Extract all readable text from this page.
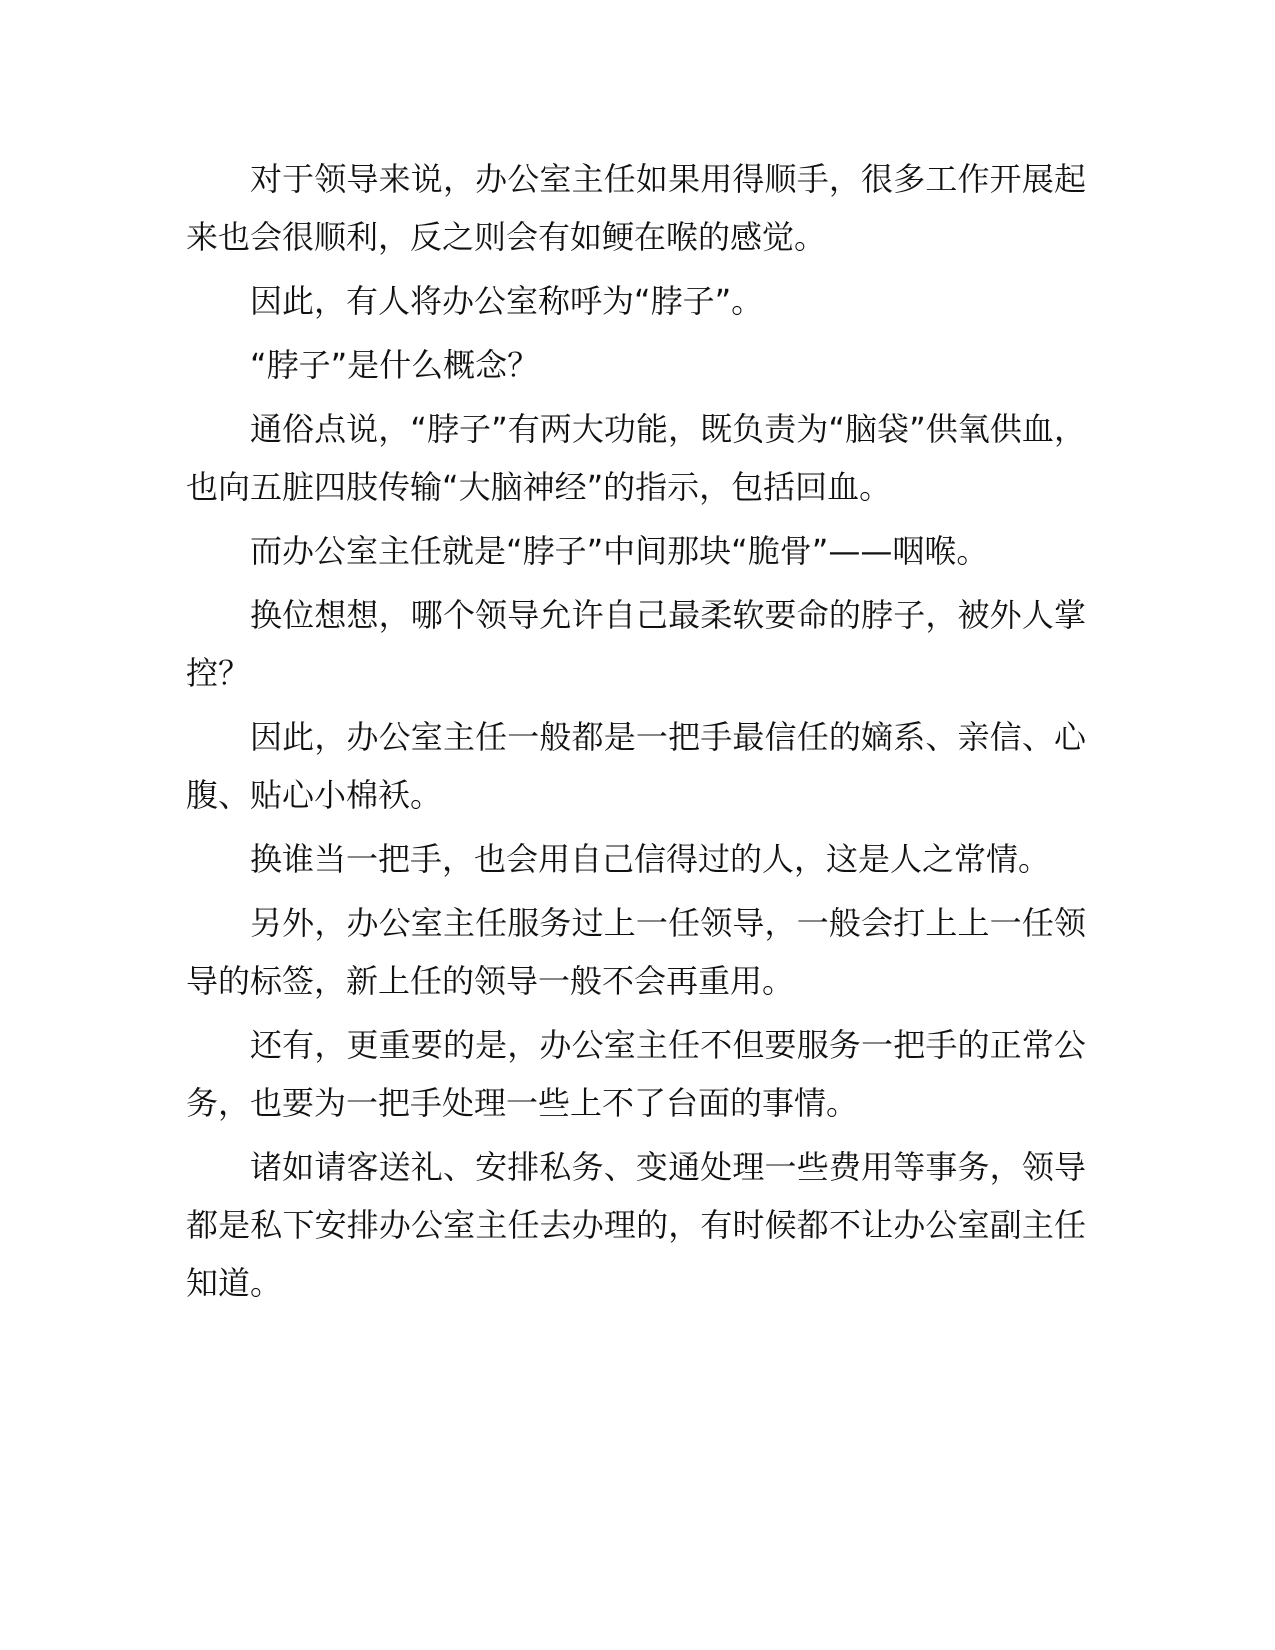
对于领导来说，办公室主任如果用得顺手，很多工作开展起来也会很顺利，反之则会有如鲠在喉的感觉。

因此，有人将办公室称呼为“脖子”。

“脖子”是什么概念？

通俗点说，“脖子”有两大功能，既负责为“脑袋”供氧供血，也向五脏四肢传输“大脑神经”的指示，包括回血。

而办公室主任就是“脖子”中间那块“脆骨”——咽喉。

换位想想，哪个领导允许自己最柔软要命的脖子，被外人掌控？

因此，办公室主任一般都是一把手最信任的嫡系、亲信、心腹、贴心小棉袄。

换谁当一把手，也会用自己信得过的人，这是人之常情。

另外，办公室主任服务过上一任领导，一般会打上上一任领导的标签，新上任的领导一般不会再重用。

还有，更重要的是，办公室主任不但要服务一把手的正常公务，也要为一把手处理一些上不了台面的事情。

诸如请客送礼、安排私务、变通处理一些费用等事务，领导都是私下安排办公室主任去办理的，有时候都不让办公室副主任知道。
